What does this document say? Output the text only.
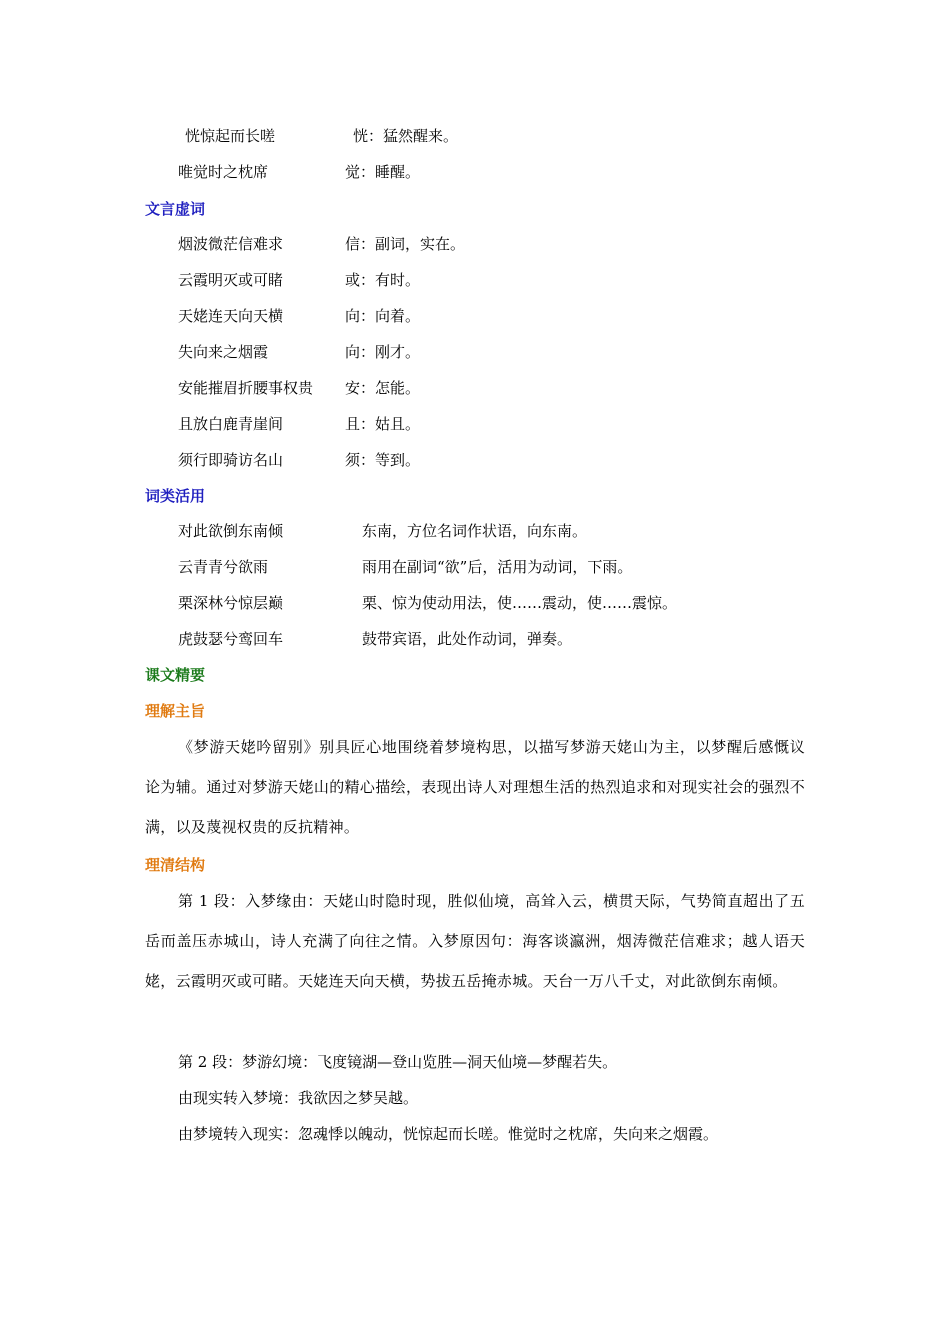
恍惊起而长嗟	恍：猛然醒来。
唯觉时之枕席	觉：睡醒。
文言虚词
烟波微茫信难求	信：副词，实在。
云霞明灭或可睹	或：有时。
天姥连天向天横	向：向着。
失向来之烟霞	向：刚才。
安能摧眉折腰事权贵 安：怎能。
且放白鹿青崖间	且：姑且。
须行即骑访名山	须：等到。
词类活用
对此欲倒东南倾	东南，方位名词作状语，向东南。
云青青兮欲雨	雨用在副词“欲”后，活用为动词，下雨。
栗深林兮惊层巅	栗、惊为使动用法，使……震动，使……震惊。
虎鼓瑟兮鸾回车	鼓带宾语，此处作动词，弹奏。
课文精要
理解主旨
《梦游天姥吟留别》别具匠心地围绕着梦境构思，以描写梦游天姥山为主，以梦醒后感慨议论为辅。通过对梦游天姥山的精心描绘，表现出诗人对理想生活的热烈追求和对现实社会的强烈不满，以及蔑视权贵的反抗精神。
理清结构
第 1 段：入梦缘由：天姥山时隐时现，胜似仙境，高耸入云，横贯天际，气势简直超出了五岳而盖压赤城山，诗人充满了向往之情。入梦原因句：海客谈瀛洲，烟涛微茫信难求；越人语天姥，云霞明灭或可睹。天姥连天向天横，势拔五岳掩赤城。天台一万八千丈，对此欲倒东南倾。
第 2 段：梦游幻境：飞度镜湖—登山览胜—洞天仙境—梦醒若失。
由现实转入梦境：我欲因之梦吴越。
由梦境转入现实：忽魂悸以魄动，恍惊起而长嗟。惟觉时之枕席，失向来之烟霞。
